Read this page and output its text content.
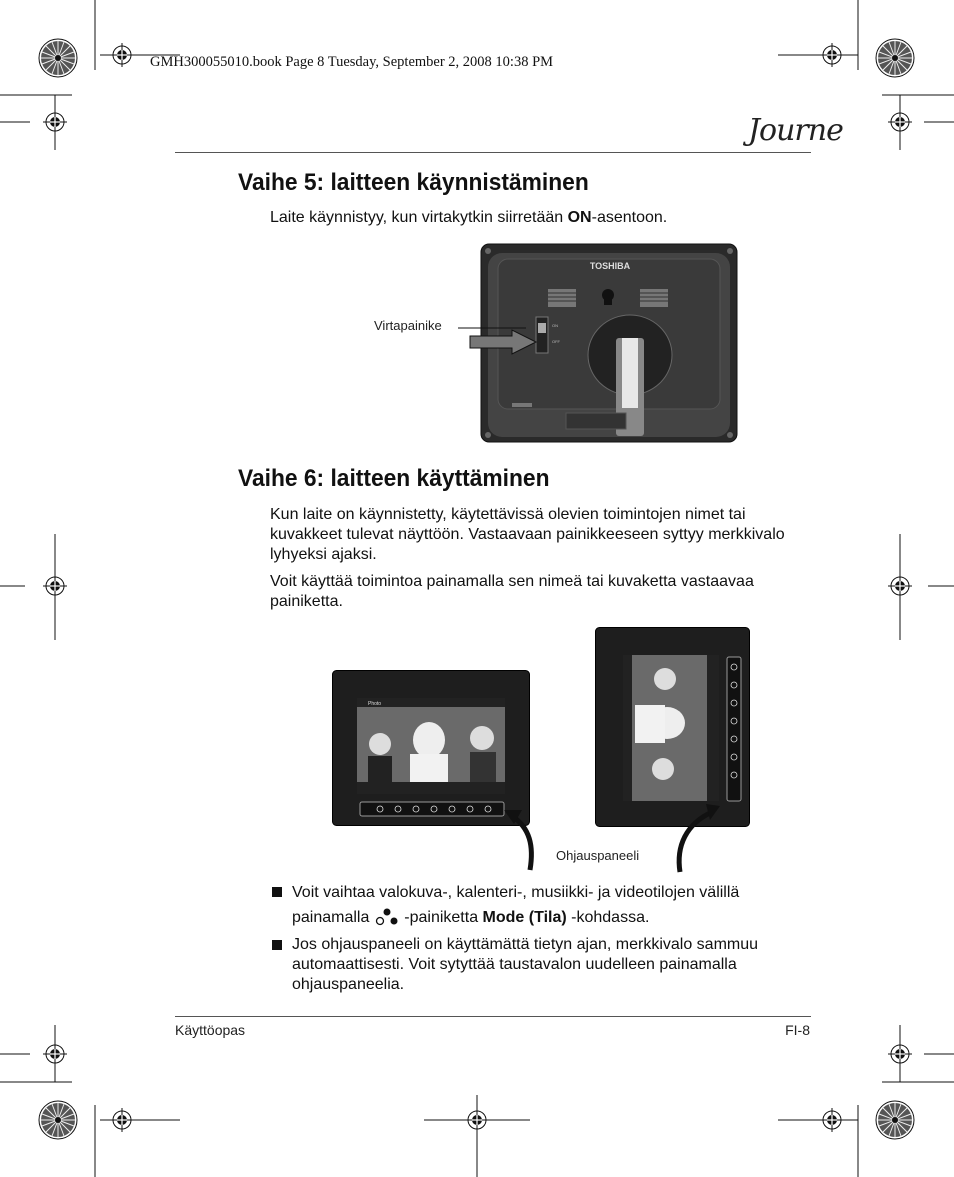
GMH300055010.book Page 8 Tuesday, September 2, 2008 10:38 PM
Journe
Vaihe 5: laitteen käynnistäminen

Laite käynnistyy, kun virtakytkin siirretään ON-asentoon.

TOSHIBA
ON
OFF
Virtapainike
Vaihe 6: laitteen käyttäminen

Kun laite on käynnistetty, käytettävissä olevien toimintojen nimet tai kuvakkeet tulevat näyttöön. Vastaavaan painikkeeseen syttyy merkkivalo lyhyeksi ajaksi.

Voit käyttää toimintoa painamalla sen nimeä tai kuvaketta vastaavaa painiketta.

Photo
Ohjauspaneeli

Voit vaihtaa valokuva-, kalenteri-, musiikki- ja videotilojen välillä

painamalla  -painiketta Mode (Tila) -kohdassa.

Jos ohjauspaneeli on käyttämättä tietyn ajan, merkkivalo sammuu automaattisesti. Voit sytyttää taustavalon uudelleen painamalla ohjauspaneelia.

Käyttöopas	FI-8
